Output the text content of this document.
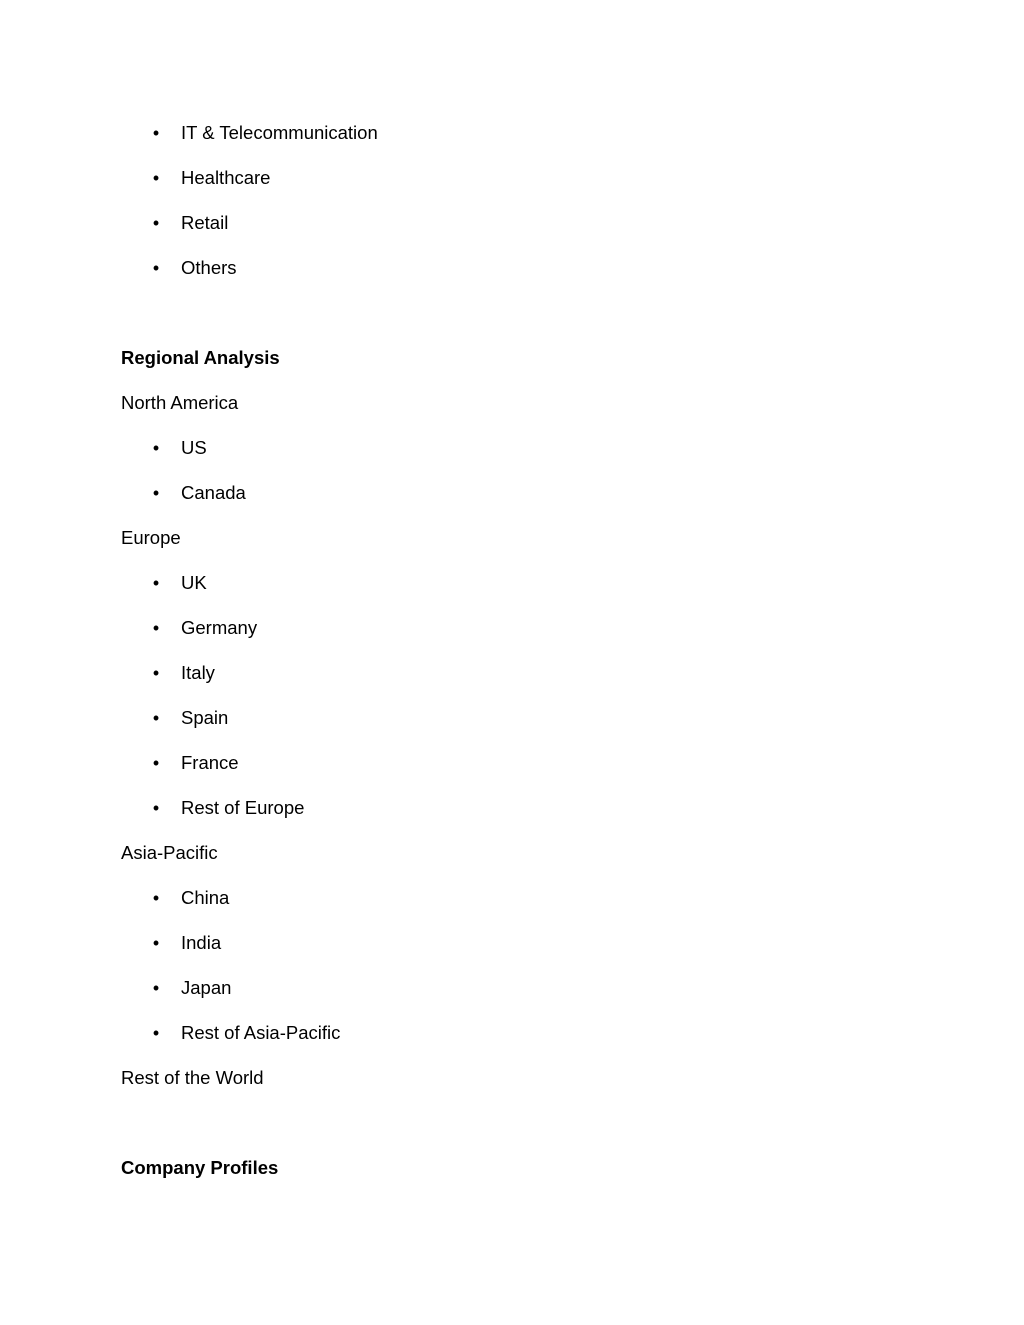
• IT & Telecommunication
• Healthcare
• Retail
• Others
Regional Analysis
North America
• US
• Canada
Europe
• UK
• Germany
• Italy
• Spain
• France
• Rest of Europe
Asia-Pacific
• China
• India
• Japan
• Rest of Asia-Pacific
Rest of the World
Company Profiles
